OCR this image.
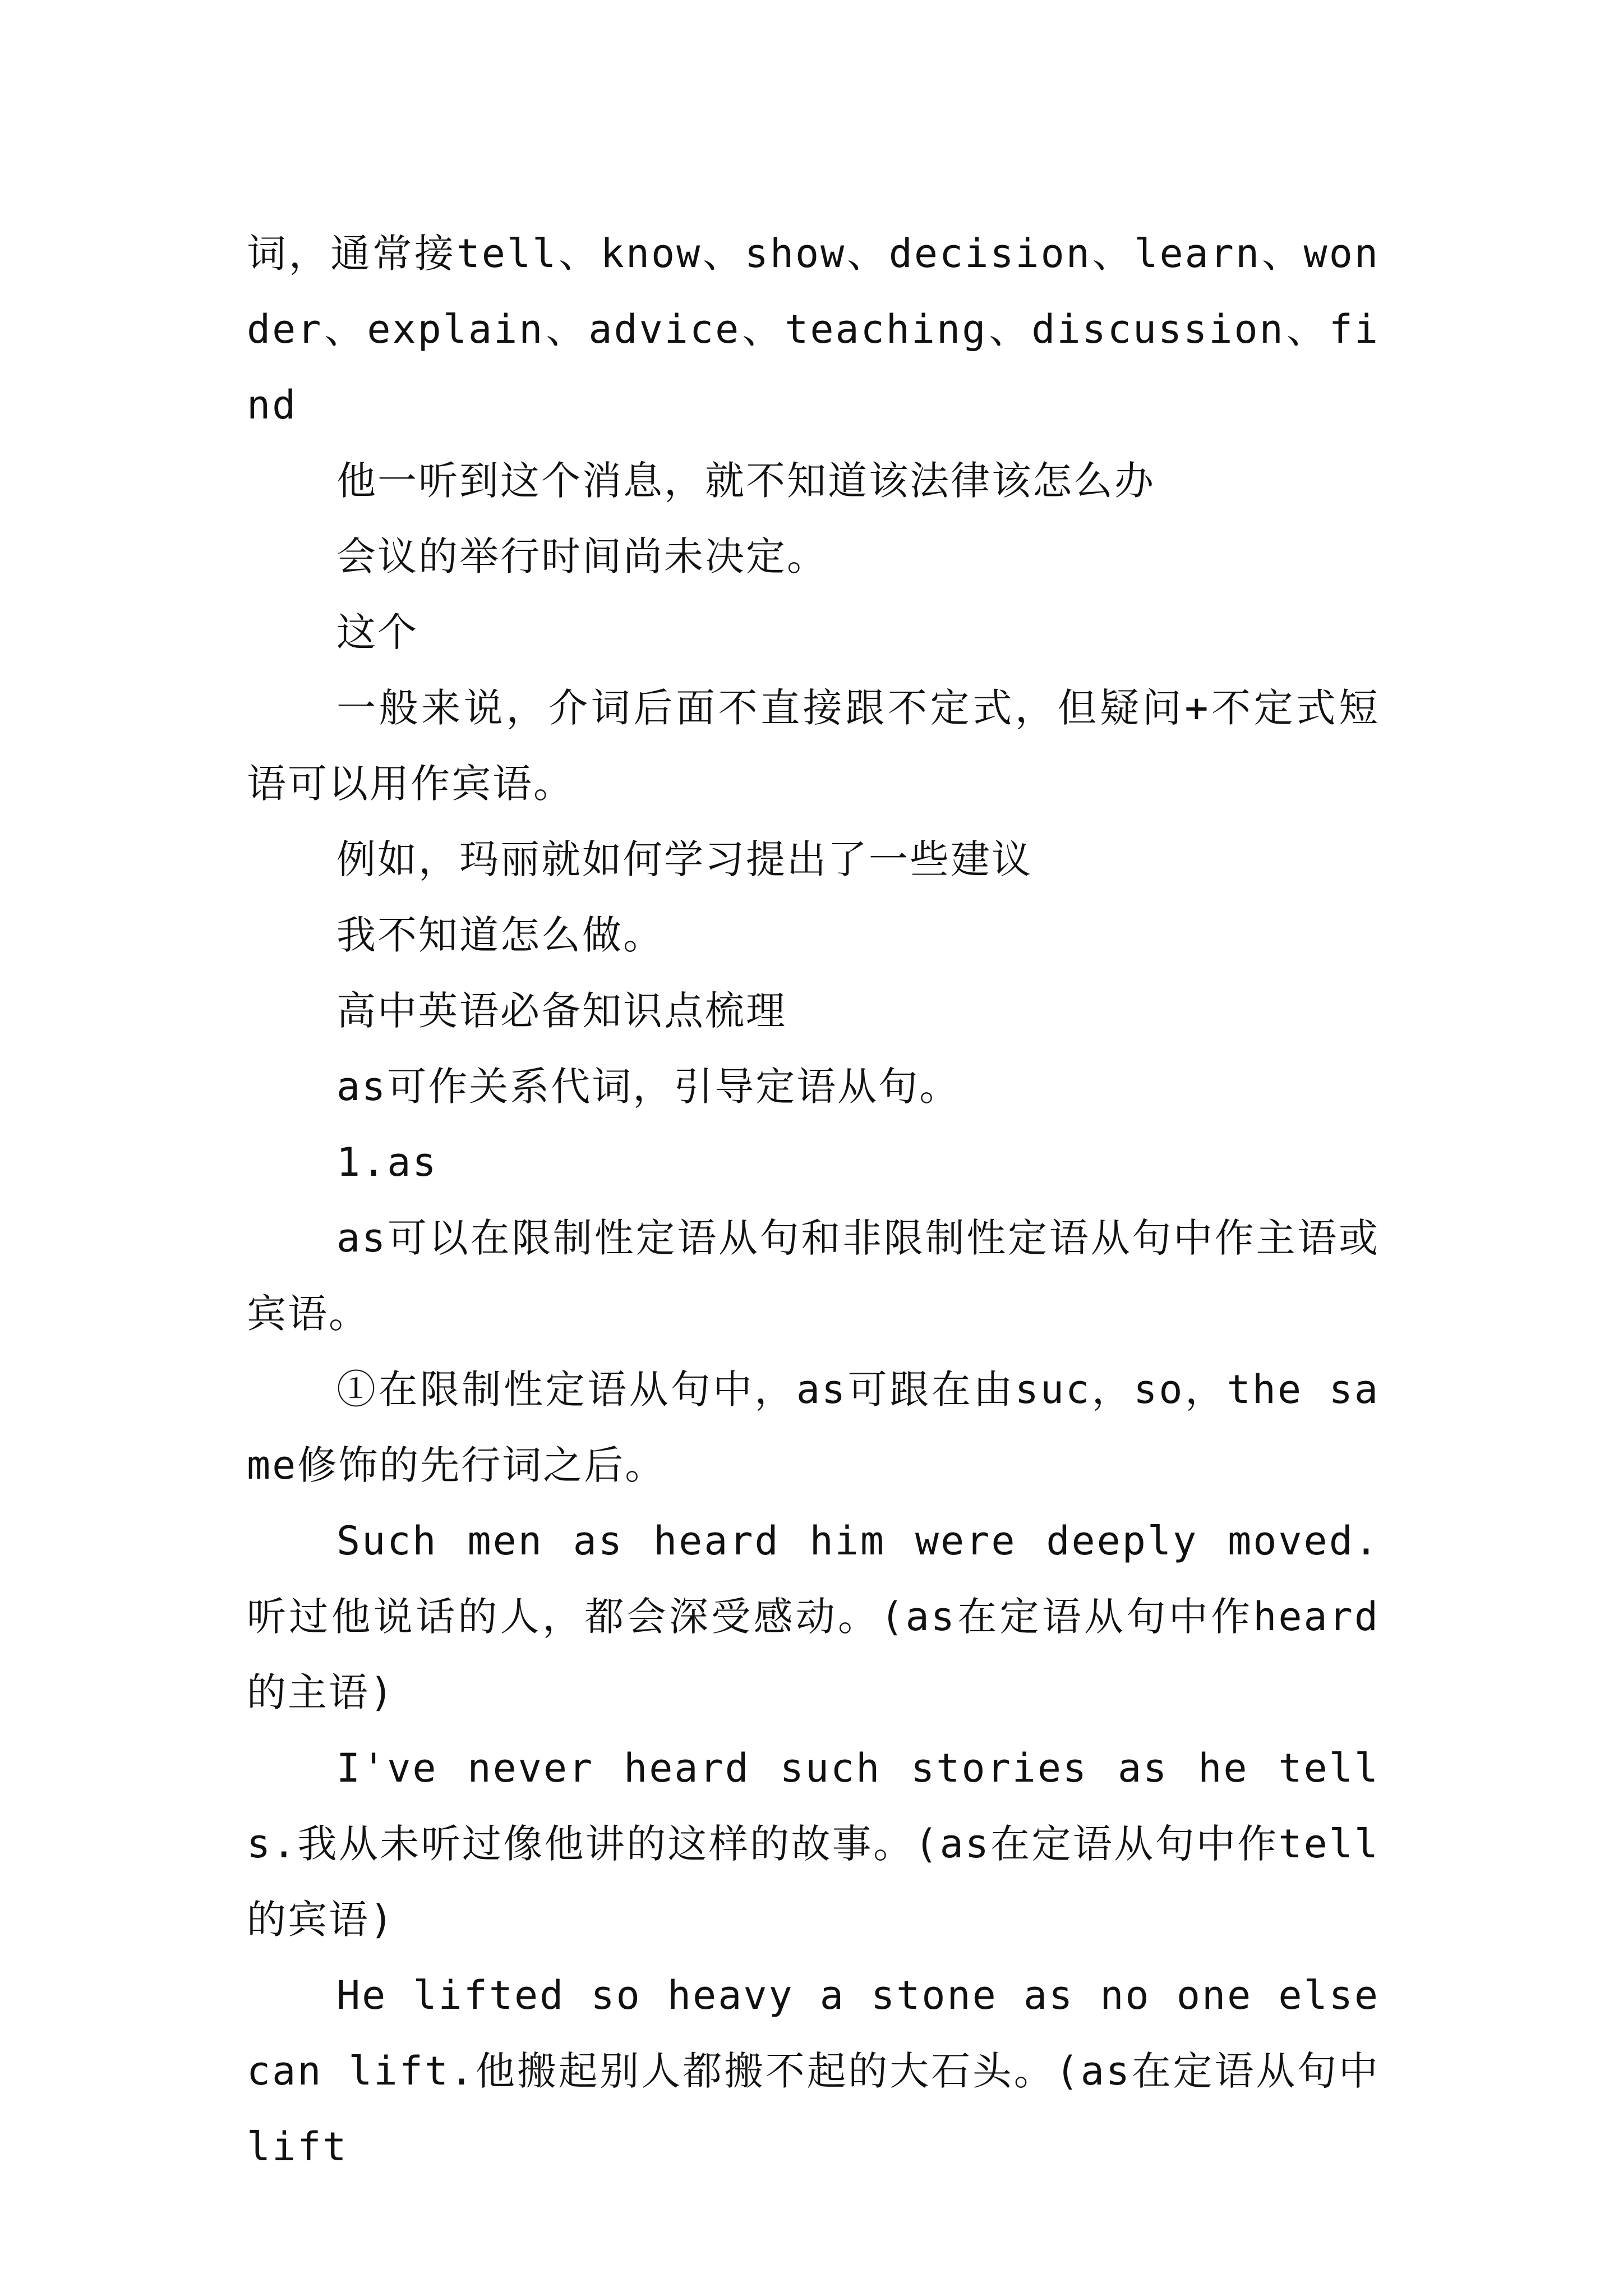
词，通常接tell、know、show、decision、learn、wonder、explain、advice、teaching、discussion、find

他一听到这个消息，就不知道该法律该怎么办

会议的举行时间尚未决定。

这个

一般来说，介词后面不直接跟不定式，但疑问+不定式短语可以用作宾语。

例如，玛丽就如何学习提出了一些建议

我不知道怎么做。

高中英语必备知识点梳理

as可作关系代词，引导定语从句。

1.as

as可以在限制性定语从句和非限制性定语从句中作主语或宾语。

①在限制性定语从句中，as可跟在由suc，so，the same修饰的先行词之后。

Such men as heard him were deeply moved.听过他说话的人，都会深受感动。(as在定语从句中作heard的主语)

I've never heard such stories as he tells.我从未听过像他讲的这样的故事。(as在定语从句中作tell的宾语)

He lifted so heavy a stone as no one else can lift.他搬起别人都搬不起的大石头。(as在定语从句中lift
